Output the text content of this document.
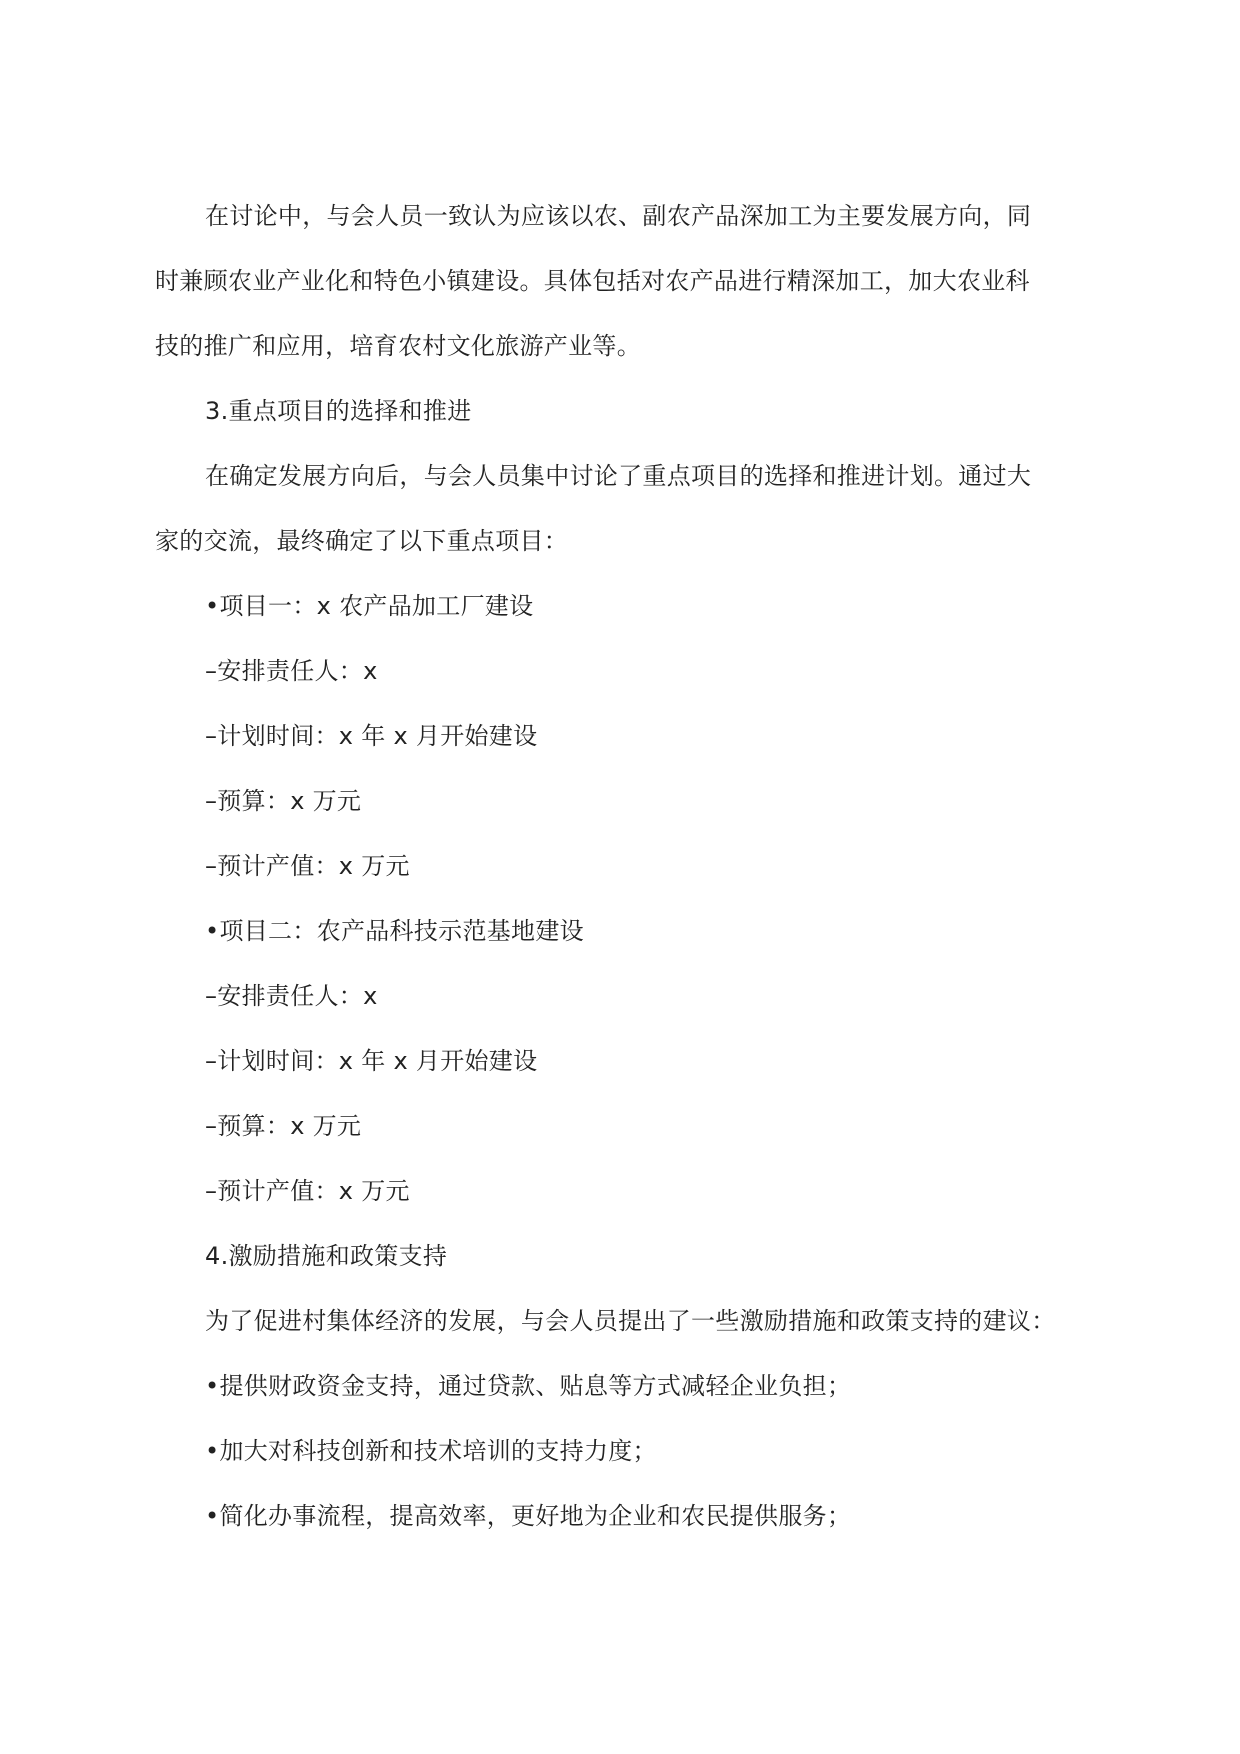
在讨论中，与会人员一致认为应该以农、副农产品深加工为主要发展方向，同
时兼顾农业产业化和特色小镇建设。具体包括对农产品进行精深加工，加大农业科
技的推广和应用，培育农村文化旅游产业等。
3.重点项目的选择和推进
在确定发展方向后，与会人员集中讨论了重点项目的选择和推进计划。通过大
家的交流，最终确定了以下重点项目：
•项目一：x 农产品加工厂建设
–安排责任人：x
–计划时间：x 年 x 月开始建设
–预算：x 万元
–预计产值：x 万元
•项目二：农产品科技示范基地建设
–安排责任人：x
–计划时间：x 年 x 月开始建设
–预算：x 万元
–预计产值：x 万元
4.激励措施和政策支持
为了促进村集体经济的发展，与会人员提出了一些激励措施和政策支持的建议：
•提供财政资金支持，通过贷款、贴息等方式减轻企业负担；
•加大对科技创新和技术培训的支持力度；
•简化办事流程，提高效率，更好地为企业和农民提供服务；
